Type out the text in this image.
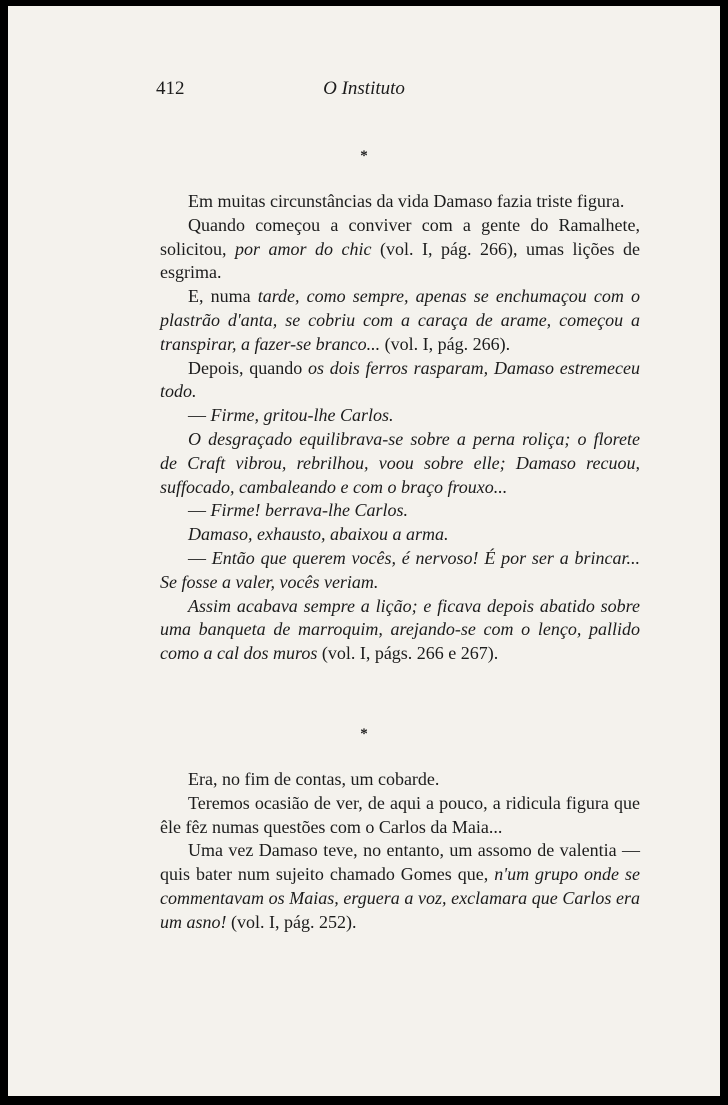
412	O Instituto
*

Em muitas circunstâncias da vida Damaso fazia triste figura.

Quando começou a conviver com a gente do Ramalhete, solicitou, por amor do chic (vol. I, pág. 266), umas lições de esgrima.

E, numa tarde, como sempre, apenas se enchumaçou com o plastrão d'anta, se cobriu com a caraça de arame, começou a transpirar, a fazer-se branco... (vol. I, pág. 266).

Depois, quando os dois ferros rasparam, Damaso estremeceu todo.

— Firme, gritou-lhe Carlos.

O desgraçado equilibrava-se sobre a perna roliça; o florete de Craft vibrou, rebrilhou, voou sobre elle; Damaso recuou, suffocado, cambaleando e com o braço frouxo...

— Firme! berrava-lhe Carlos.

Damaso, exhausto, abaixou a arma.

— Então que querem vocês, é nervoso! É por ser a brincar... Se fosse a valer, vocês veriam.

Assim acabava sempre a lição; e ficava depois abatido sobre uma banqueta de marroquim, arejando-se com o lenço, pallido como a cal dos muros (vol. I, págs. 266 e 267).

*

Era, no fim de contas, um cobarde.

Teremos ocasião de ver, de aqui a pouco, a ridicula figura que êle fêz numas questões com o Carlos da Maia...

Uma vez Damaso teve, no entanto, um assomo de valentia — quis bater num sujeito chamado Gomes que, n'um grupo onde se commentavam os Maias, erguera a voz, exclamara que Carlos era um asno! (vol. I, pág. 252).
